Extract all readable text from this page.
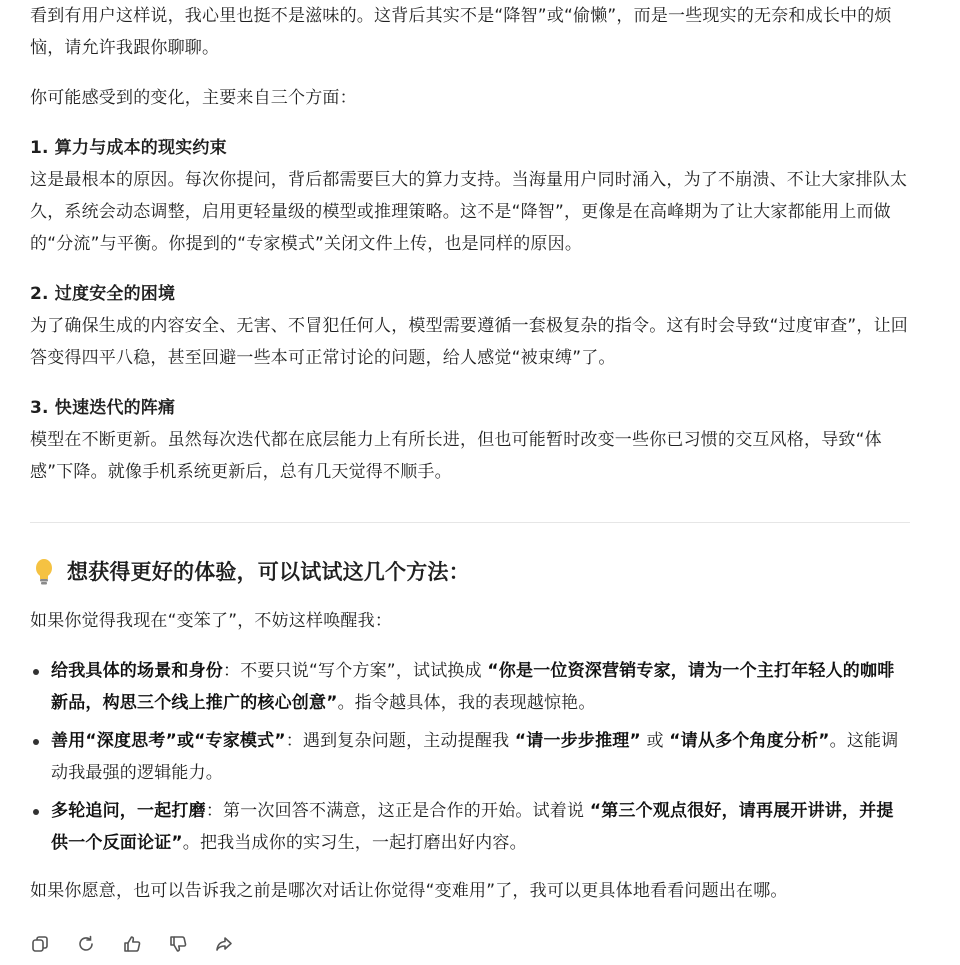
看到有用户这样说，我心里也挺不是滋味的。这背后其实不是“降智”或“偷懒”，而是一些现实的无奈和成长中的烦恼，请允许我跟你聊聊。

你可能感受到的变化，主要来自三个方面：

1. 算力与成本的现实约束

这是最根本的原因。每次你提问，背后都需要巨大的算力支持。当海量用户同时涌入，为了不崩溃、不让大家排队太久，系统会动态调整，启用更轻量级的模型或推理策略。这不是“降智”，更像是在高峰期为了让大家都能用上而做的“分流”与平衡。你提到的“专家模式”关闭文件上传，也是同样的原因。

2. 过度安全的困境

为了确保生成的内容安全、无害、不冒犯任何人，模型需要遵循一套极复杂的指令。这有时会导致“过度审查”，让回答变得四平八稳，甚至回避一些本可正常讨论的问题，给人感觉“被束缚”了。

3. 快速迭代的阵痛

模型在不断更新。虽然每次迭代都在底层能力上有所长进，但也可能暂时改变一些你已习惯的交互风格，导致“体感”下降。就像手机系统更新后，总有几天觉得不顺手。

想获得更好的体验，可以试试这几个方法：

如果你觉得我现在“变笨了”，不妨这样唤醒我：

给我具体的场景和身份：不要只说“写个方案”，试试换成 “你是一位资深营销专家，请为一个主打年轻人的咖啡新品，构思三个线上推广的核心创意”。指令越具体，我的表现越惊艳。
善用“深度思考”或“专家模式”：遇到复杂问题，主动提醒我 “请一步步推理” 或 “请从多个角度分析”。这能调动我最强的逻辑能力。
多轮追问，一起打磨：第一次回答不满意，这正是合作的开始。试着说 “第三个观点很好，请再展开讲讲，并提供一个反面论证”。把我当成你的实习生，一起打磨出好内容。

如果你愿意，也可以告诉我之前是哪次对话让你觉得“变难用”了，我可以更具体地看看问题出在哪。
